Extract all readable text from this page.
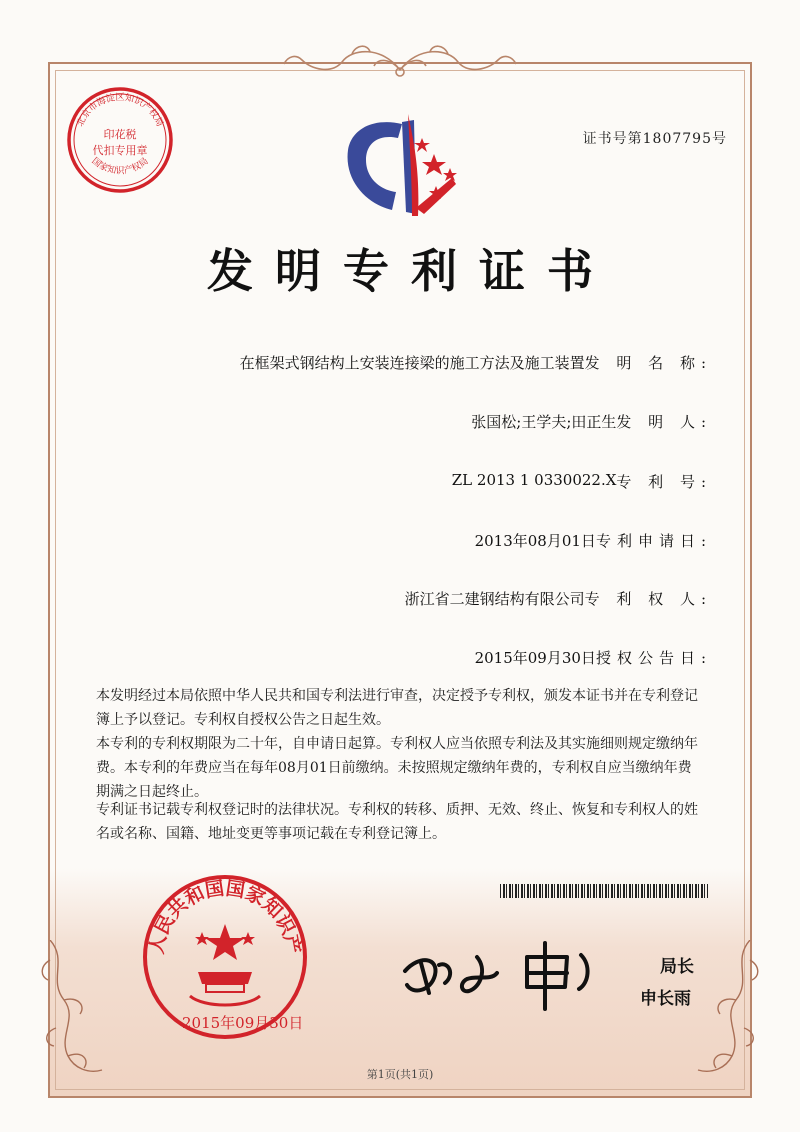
北京市海淀区知识产权局
国家知识产权局
印花税
代扣专用章
证书号第1807795号
发明专利证书
发 明 名 称:
在框架式钢结构上安装连接梁的施工方法及施工装置
发 明 人:
张国松;王学夫;田正生
专 利 号:
ZL 2013 1 0330022.X
专利申请日:
2013年08月01日
专 利 权 人:
浙江省二建钢结构有限公司
授权公告日:
2015年09月30日

本发明经过本局依照中华人民共和国专利法进行审查，决定授予专利权，颁发本证书并在专利登记簿上予以登记。专利权自授权公告之日起生效。

本专利的专利权期限为二十年，自申请日起算。专利权人应当依照专利法及其实施细则规定缴纳年费。本专利的年费应当在每年08月01日前缴纳。未按照规定缴纳年费的，专利权自应当缴纳年费期满之日起终止。

专利证书记载专利权登记时的法律状况。专利权的转移、质押、无效、终止、恢复和专利权人的姓名或名称、国籍、地址变更等事项记载在专利登记簿上。

人民共和国国家知识产
2015年09月30日
局长
申长雨
第1页(共1页)
